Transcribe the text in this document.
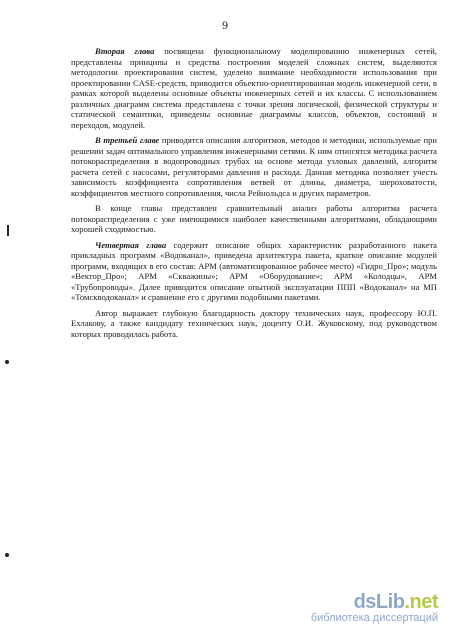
9

Вторая глава посвящена функциональному моделированию инженерных сетей, представлены принципы и средства построения моделей сложных систем, выделяются методологии проектирования систем, уделено внимание необходимости использования при проектировании CASE-средств, приводится объектно-ориентированная модель инженерной сети, в рамках которой выделены основные объекты инженерных сетей и их классы. С использованием различных диаграмм система представлена с точки зрения логической, физической структуры и статической семантики, приведены основные диаграммы классов, объектов, состояний и переходов, модулей.

В третьей главе приводятся описания алгоритмов, методов и методики, используемые при решении задач оптимального управления инженерными сетями. К ним относятся методика расчета потокораспределения в водопроводных трубах на основе метода узловых давлений, алгоритм расчета сетей с насосами, регуляторами давления и расхода. Данная методика позволяет учесть зависимость коэффициента сопротивления ветвей от длины, диаметра, шероховатости, коэффициентов местного сопротивления, числа Рейнольдса и других параметров.

В конце главы представлен сравнительный анализ работы алгоритма расчета потокораспределения с уже имеющимися наиболее качественными алгоритмами, обладающими хорошей сходимостью.

Четвертая глава содержит описание общих характеристик разработанного пакета прикладных программ «Водоканал», приведена архитектура пакета, краткое описание модулей программ, входящих в его состав: АРМ (автоматизированное рабочее место) «Гидро_Про»; модуль «Вектор_Про»; АРМ «Скважины»; АРМ «Оборудование»; АРМ «Колодцы», АРМ «Трубопроводы». Далее приводится описание опытной эксплуатации ППП «Водоканал» на МП «Томскводоканал» и сравнение его с другими подобными пакетами.

Автор выражает глубокую благодарность доктору технических наук, профессору Ю.П. Ехлакову, а также кандидату технических наук, доценту О.И. Жуковскому, под руководством которых проводилась работа.

dsLib.net
библиотека диссертаций
